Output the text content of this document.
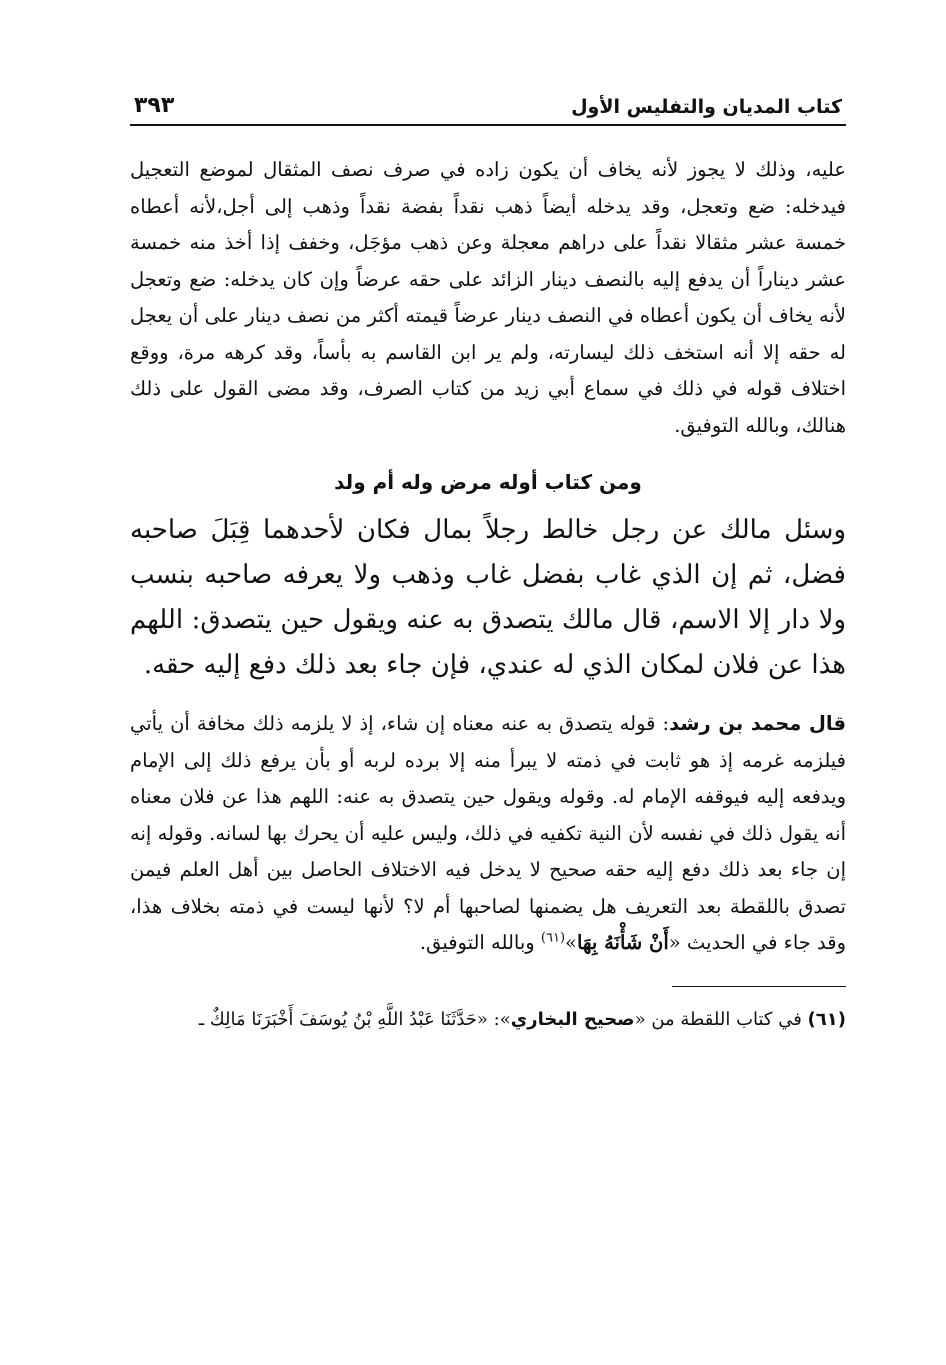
كتاب المديان والتفليس الأول
٣٩٣

عليه، وذلك لا يجوز لأنه يخاف أن يكون زاده في صرف نصف المثقال لموضع التعجيل فيدخله: ضع وتعجل، وقد يدخله أيضاً ذهب نقداً بفضة نقداً وذهب إلى أجل،لأنه أعطاه خمسة عشر مثقالا نقداً على دراهم معجلة وعن ذهب مؤجَل، وخفف إذا أخذ منه خمسة عشر ديناراً أن يدفع إليه بالنصف دينار الزائد على حقه عرضاً وإن كان يدخله: ضع وتعجل لأنه يخاف أن يكون أعطاه في النصف دينار عرضاً قيمته أكثر من نصف دينار على أن يعجل له حقه إلا أنه استخف ذلك ليسارته، ولم ير ابن القاسم به بأساً، وقد كرهه مرة، ووقع اختلاف قوله في ذلك في سماع أبي زيد من كتاب الصرف، وقد مضى القول على ذلك هنالك، وبالله التوفيق.

ومن كتاب أوله مرض وله أم ولد

وسئل مالك عن رجل خالط رجلاً بمال فكان لأحدهما قِبَلَ صاحبه فضل، ثم إن الذي غاب بفضل غاب وذهب ولا يعرفه صاحبه بنسب ولا دار إلا الاسم، قال مالك يتصدق به عنه ويقول حين يتصدق: اللهم هذا عن فلان لمكان الذي له عندي، فإن جاء بعد ذلك دفع إليه حقه.

قال محمد بن رشد: قوله يتصدق به عنه معناه إن شاء، إذ لا يلزمه ذلك مخافة أن يأتي فيلزمه غرمه إذ هو ثابت في ذمته لا يبرأ منه إلا برده لربه أو بأن يرفع ذلك إلى الإمام ويدفعه إليه فيوقفه الإمام له. وقوله ويقول حين يتصدق به عنه: اللهم هذا عن فلان معناه أنه يقول ذلك في نفسه لأن النية تكفيه في ذلك، وليس عليه أن يحرك بها لسانه. وقوله إنه إن جاء بعد ذلك دفع إليه حقه صحيح لا يدخل فيه الاختلاف الحاصل بين أهل العلم فيمن تصدق باللقطة بعد التعريف هل يضمنها لصاحبها أم لا؟ لأنها ليست في ذمته بخلاف هذا، وقد جاء في الحديث «أَنْ شَأْنَهُ بِهَا»$^{(٦١)}$ وبالله التوفيق.

(٦١) في كتاب اللقطة من «صحيح البخاري»: «حَدَّثَنَا عَبْدُ اللَّهِ بْنُ يُوسَفَ أَخْبَرَنَا مَالِكٌ ـ
